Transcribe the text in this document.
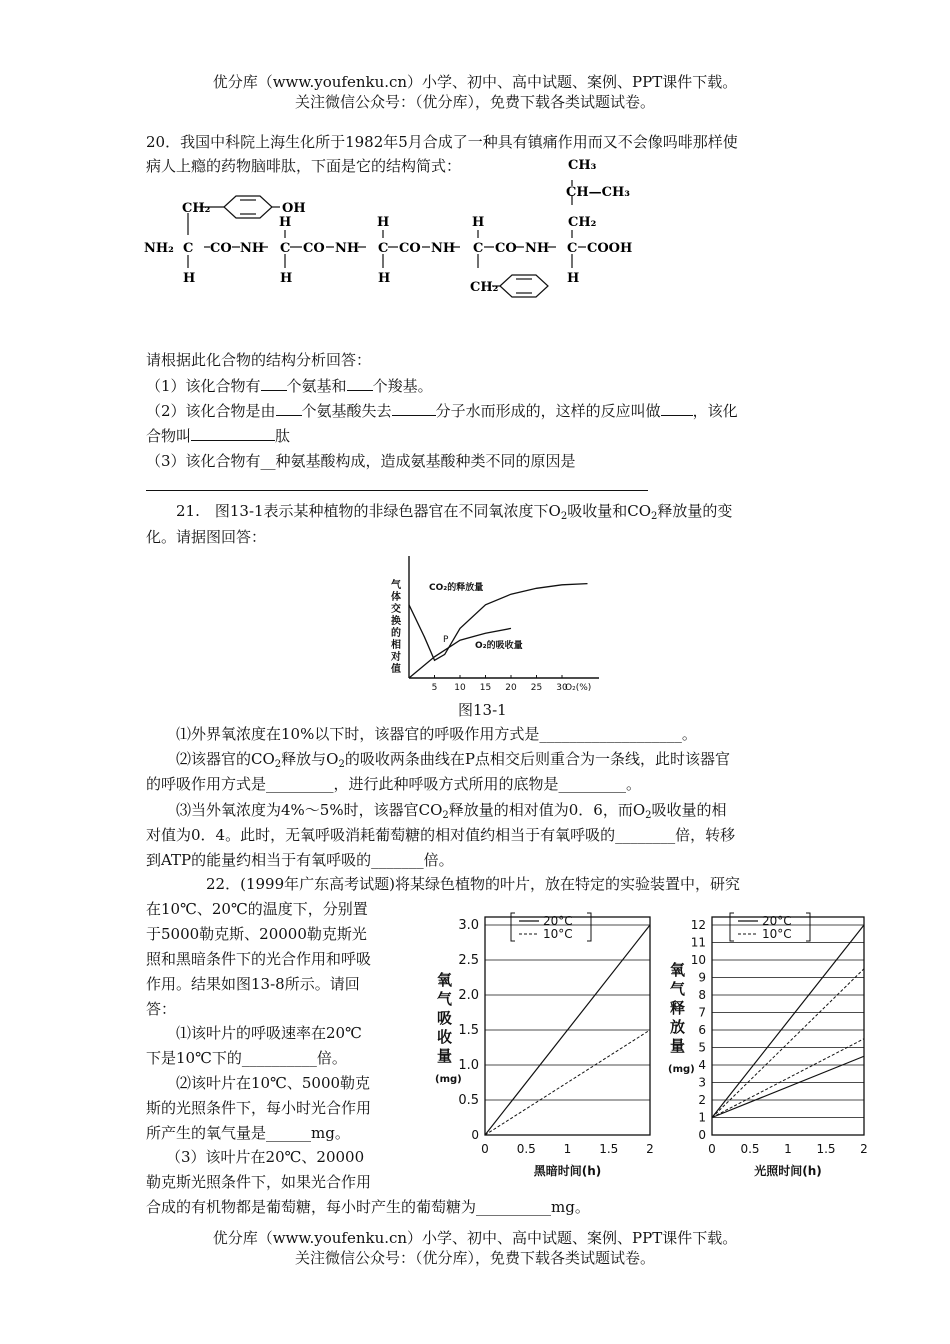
优分库（www.youfenku.cn）小学、初中、高中试题、案例、PPT课件下载。
关注微信公众号：（优分库），免费下载各类试题试卷。
20．我国中科院上海生化所于1982年5月合成了一种具有镇痛作用而又不会像吗啡那样使
病人上瘾的药物脑啡肽，下面是它的结构简式：	CH₃
CH—CH₃
CH₂
CH₂	OH
H	H	H
NH₂ C CO NH C CO NH C CO NH C CO NH C COOH
H	H	H
CH₂
H
请根据此化合物的结构分析回答：
（1）该化合物有 个氨基和 个羧基。
（2）该化合物是由 个氨基酸失去	分子水而形成的，这样的反应叫做 ，该化
合物叫	肽
（3）该化合物有__种氨基酸构成，造成氨基酸种类不同的原因是
21.　图13-1表示某种植物的非绿色器官在不同氧浓度下$O_2$吸收量和$CO_2$释放量的变
化。请据图回答：
气
体
交
换
的
相
对
值
5 10 15 20 25 30
O₂(%)
CO₂的释放量
O₂的吸收量
P
图13-1
⑴外界氧浓度在10%以下时，该器官的呼吸作用方式是___________________。
⑵该器官的$CO_2$释放与$O_2$的吸收两条曲线在P点相交后则重合为一条线，此时该器官
的呼吸作用方式是_________，进行此种呼吸方式所用的底物是_________。
⑶当外氧浓度为4%～5%时，该器官$CO_2$释放量的相对值为0．6，而$O_2$吸收量的相
对值为0．4。此时，无氧呼吸消耗葡萄糖的相对值约相当于有氧呼吸的________倍，转移
到ATP的能量约相当于有氧呼吸的_______倍。
22．(1999年广东高考试题)将某绿色植物的叶片，放在特定的实验装置中，研究
在10℃、20℃的温度下，分别置
于5000勒克斯、20000勒克斯光
照和黑暗条件下的光合作用和呼吸
作用。结果如图13-8所示。请回
答：
⑴该叶片的呼吸速率在20℃
下是10℃下的__________倍。
⑵该叶片在10℃、5000勒克
斯的光照条件下，每小时光合作用
所产生的氧气量是______mg。
（3）该叶片在20℃、20000
勒克斯光照条件下，如果光合作用
合成的有机物都是葡萄糖，每小时产生的葡萄糖为__________mg。
0.5
1.0
1.5
2.0
2.5
3.0
0 0.5 1 1.5 2
氧
气
吸
收
量
(mg)
黑暗时间(h)
20°C
10°C
0
1
2
3
4
5
6
7
8
9
10
11
12
0 0.5 1 1.5 2
氧
气
释
放
量
(mg)
光照时间(h)
20°C
10°C
0
优分库（www.youfenku.cn）小学、初中、高中试题、案例、PPT课件下载。
关注微信公众号：（优分库），免费下载各类试题试卷。
